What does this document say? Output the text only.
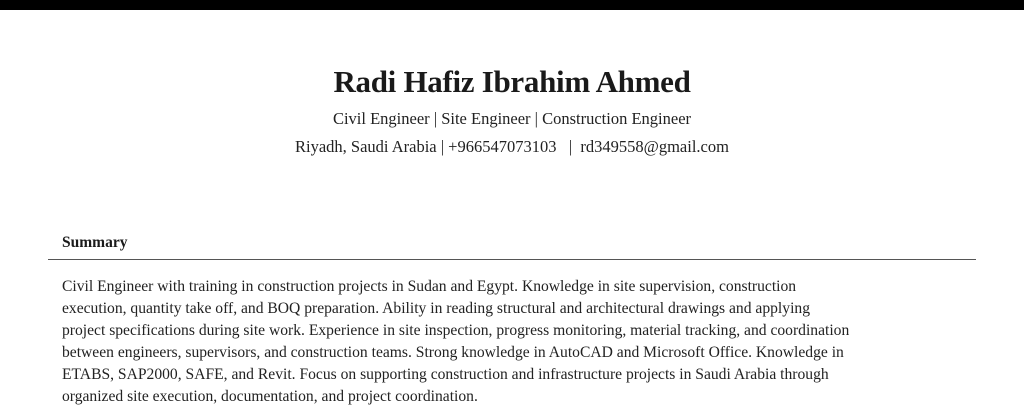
Radi Hafiz Ibrahim Ahmed
Civil Engineer | Site Engineer | Construction Engineer
Riyadh, Saudi Arabia | +966547073103   |  rd349558@gmail.com
Summary
Civil Engineer with training in construction projects in Sudan and Egypt. Knowledge in site supervision, construction
execution, quantity take off, and BOQ preparation. Ability in reading structural and architectural drawings and applying
project specifications during site work. Experience in site inspection, progress monitoring, material tracking, and coordination
between engineers, supervisors, and construction teams. Strong knowledge in AutoCAD and Microsoft Office. Knowledge in
ETABS, SAP2000, SAFE, and Revit. Focus on supporting construction and infrastructure projects in Saudi Arabia through
organized site execution, documentation, and project coordination.
